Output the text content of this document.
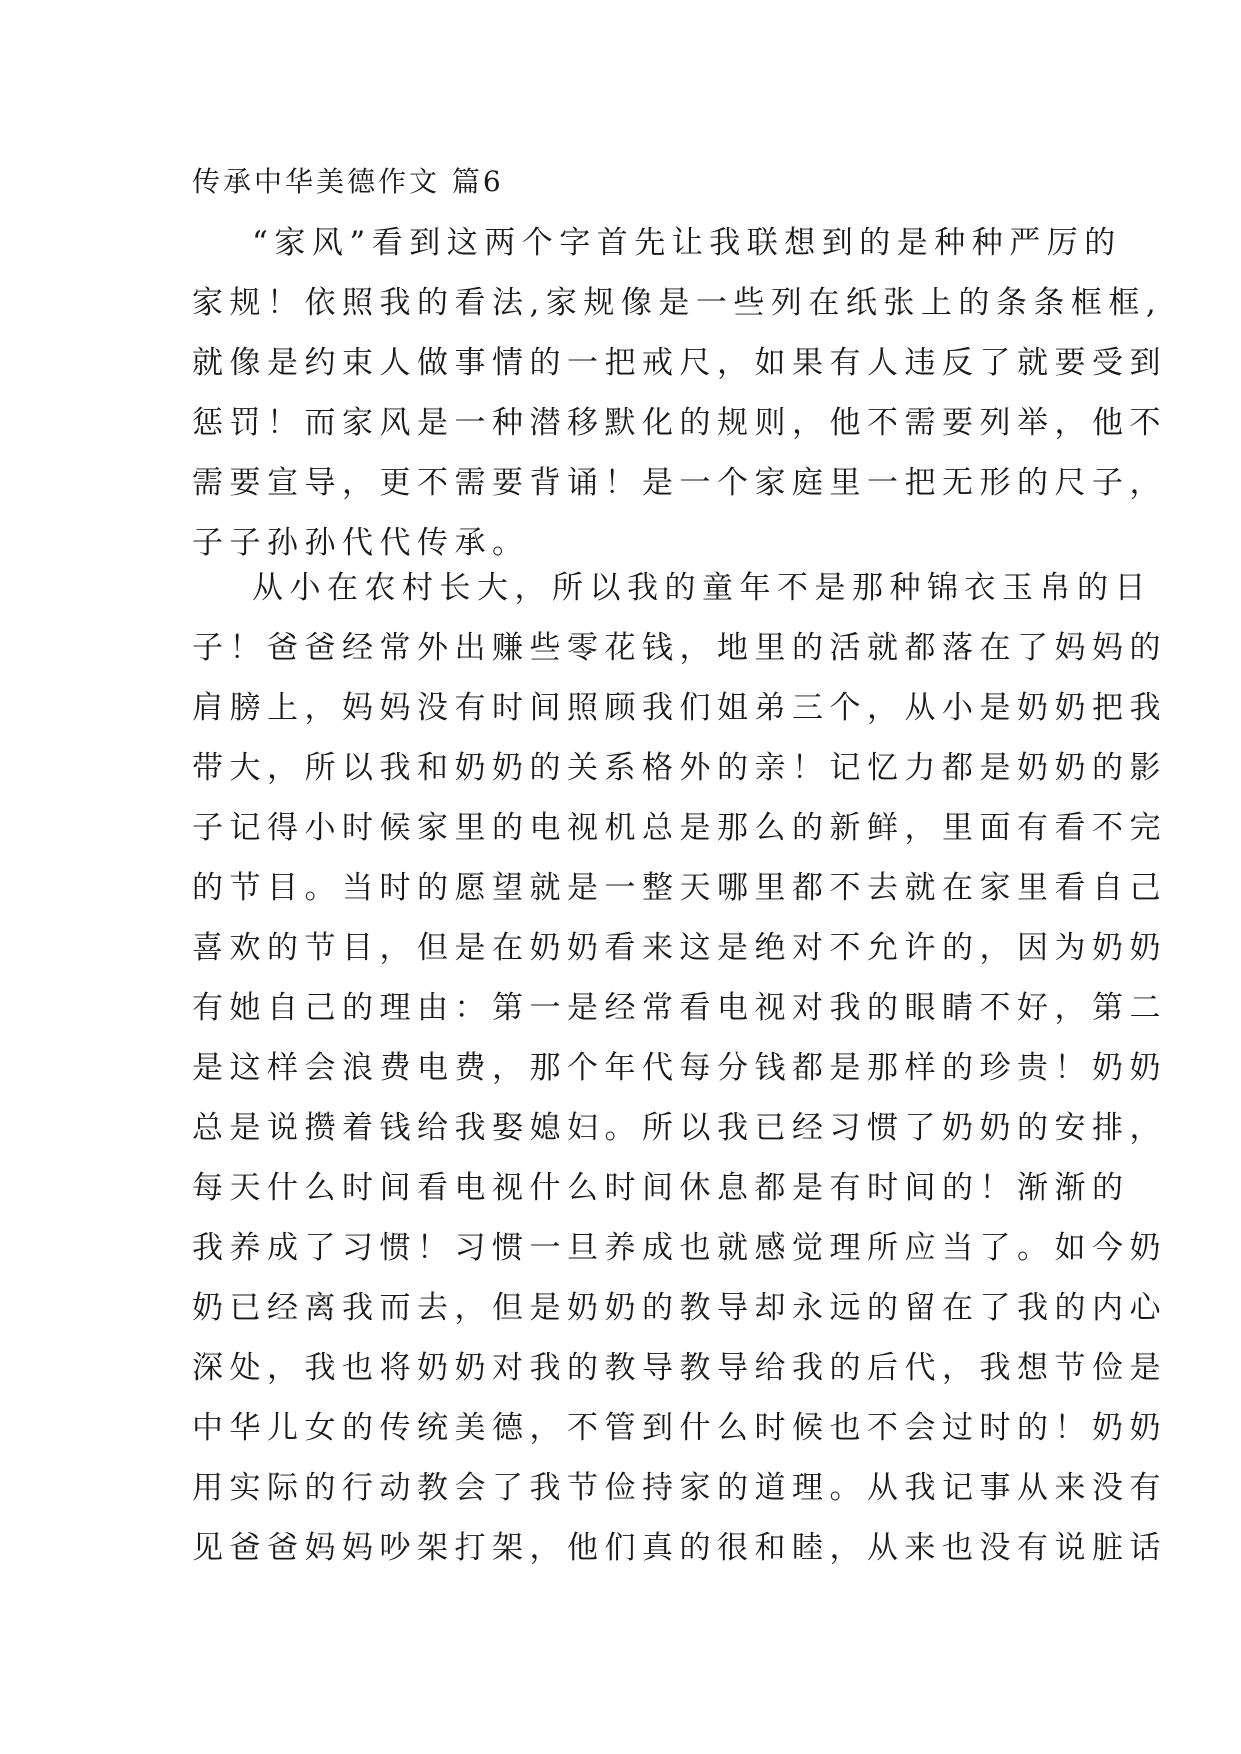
传承中华美德作文 篇6
“家风”看到这两个字首先让我联想到的是种种严厉的
家规！依照我的看法,家规像是一些列在纸张上的条条框框,
就像是约束人做事情的一把戒尺，如果有人违反了就要受到
惩罚！而家风是一种潜移默化的规则，他不需要列举，他不
需要宣导，更不需要背诵！是一个家庭里一把无形的尺子，
子子孙孙代代传承。
从小在农村长大，所以我的童年不是那种锦衣玉帛的日
子！爸爸经常外出赚些零花钱，地里的活就都落在了妈妈的
肩膀上，妈妈没有时间照顾我们姐弟三个，从小是奶奶把我
带大，所以我和奶奶的关系格外的亲！记忆力都是奶奶的影
子记得小时候家里的电视机总是那么的新鲜，里面有看不完
的节目。当时的愿望就是一整天哪里都不去就在家里看自己
喜欢的节目，但是在奶奶看来这是绝对不允许的，因为奶奶
有她自己的理由：第一是经常看电视对我的眼睛不好，第二
是这样会浪费电费，那个年代每分钱都是那样的珍贵！奶奶
总是说攒着钱给我娶媳妇。所以我已经习惯了奶奶的安排，
每天什么时间看电视什么时间休息都是有时间的！渐渐的
我养成了习惯！习惯一旦养成也就感觉理所应当了。如今奶
奶已经离我而去，但是奶奶的教导却永远的留在了我的内心
深处，我也将奶奶对我的教导教导给我的后代，我想节俭是
中华儿女的传统美德，不管到什么时候也不会过时的！奶奶
用实际的行动教会了我节俭持家的道理。从我记事从来没有
见爸爸妈妈吵架打架，他们真的很和睦，从来也没有说脏话
